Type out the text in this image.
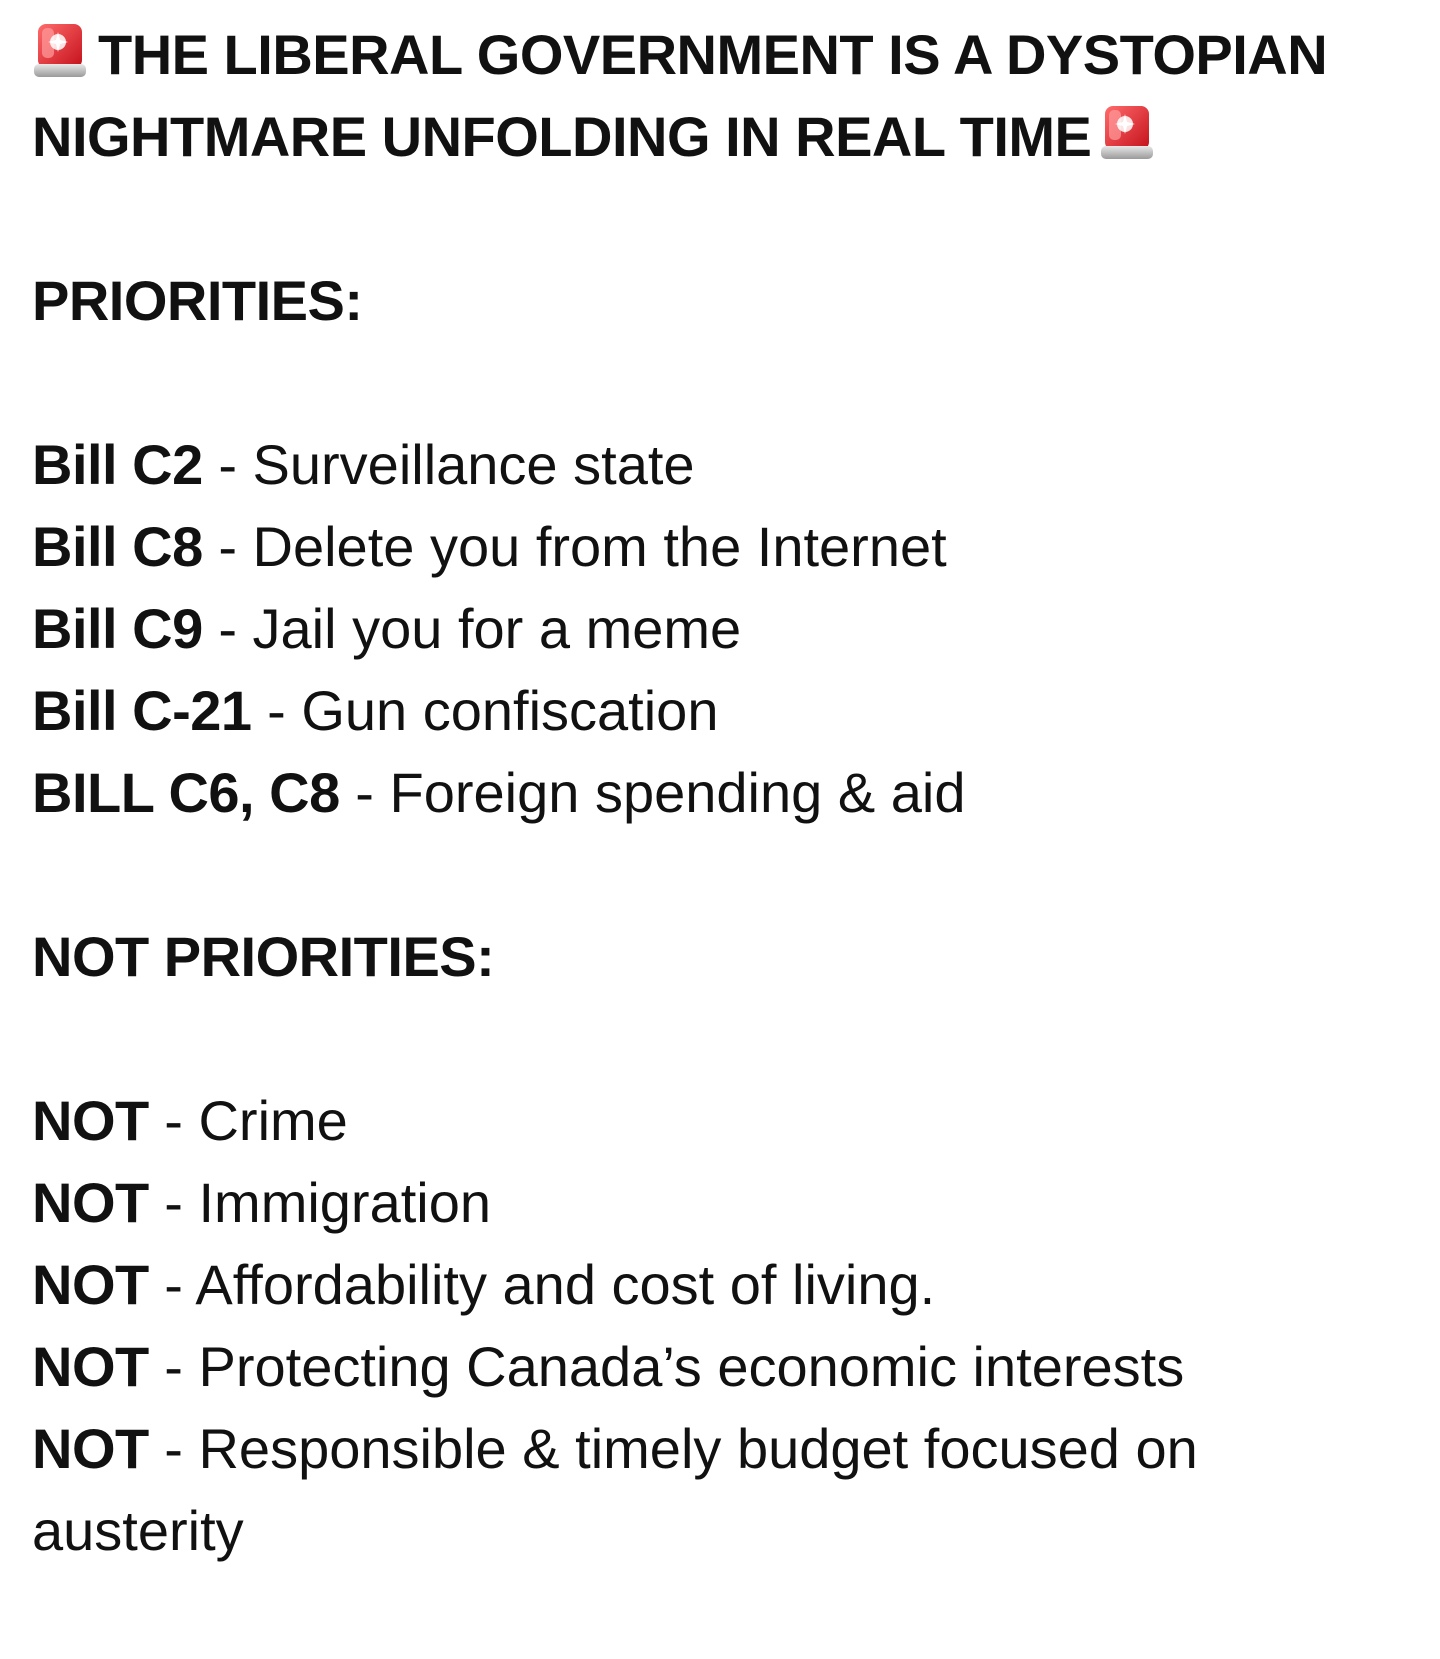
THE LIBERAL GOVERNMENT IS A DYSTOPIAN NIGHTMARE UNFOLDING IN REAL TIME

PRIORITIES:

Bill C2 - Surveillance state
Bill C8 - Delete you from the Internet
Bill C9 - Jail you for a meme
Bill C-21 - Gun confiscation
BILL C6, C8 - Foreign spending & aid

NOT PRIORITIES:

NOT - Crime
NOT - Immigration
NOT - Affordability and cost of living.
NOT - Protecting Canada’s economic interests
NOT - Responsible & timely budget focused on austerity
